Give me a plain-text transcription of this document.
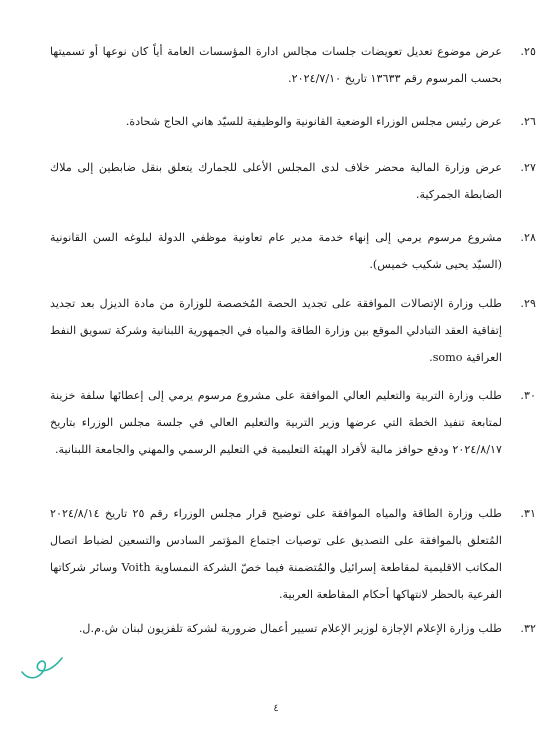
٢٥.
عرض موضوع تعديل تعويضات جلسات مجالس ادارة المؤسسات العامة أياً كان نوعها أو تسميتها بحسب المرسوم رقم ١٣٦٣٣ تاريخ ٢٠٢٤/٧/١٠.
٢٦.
عرض رئيس مجلس الوزراء الوضعية القانونية والوظيفية للسيّد هاني الحاج شحادة.
٢٧.
عرض وزارة المالية محضر خلاف لدى المجلس الأعلى للجمارك يتعلق بنقل ضابطين إلى ملاك الضابطة الجمركية.
٢٨.
مشروع مرسوم يرمي إلى إنهاء خدمة مدير عام تعاونية موظفي الدولة لبلوغه السن القانونية (السيّد يحيى شكيب خميس).
٢٩.
طلب وزارة الإتصالات الموافقة على تجديد الحصة المُخصصة للوزارة من مادة الديزل بعد تجديد إتفاقية العقد التبادلي الموقع بين وزارة الطاقة والمياه في الجمهورية اللبنانية وشركة تسويق النفط العراقية somo.
٣٠.
طلب وزارة التربية والتعليم العالي الموافقة على مشروع مرسوم يرمي إلى إعطائها سلفة خزينة لمتابعة تنفيذ الخطة التي عرضها وزير التربية والتعليم العالي في جلسة مجلس الوزراء بتاريخ ٢٠٢٤/٨/١٧ ودفع حوافز مالية لأفراد الهيئة التعليمية في التعليم الرسمي والمهني والجامعة اللبنانية.
٣١.
طلب وزارة الطاقة والمياه الموافقة على توضيح قرار مجلس الوزراء رقم ٢٥ تاريخ ٢٠٢٤/٨/١٤ المُتعلق بالموافقة على التصديق على توصيات اجتماع المؤتمر السادس والتسعين لضباط اتصال المكاتب الاقليمية لمقاطعة إسرائيل والمُتضمنة فيما خصّ الشركة النمساوية Voith وسائر شركاتها الفرعية بالحظر لانتهاكها أحكام المقاطعة العربية.
٣٢.
طلب وزارة الإعلام الإجازة لوزير الإعلام تسيير أعمال ضرورية لشركة تلفزيون لبنان ش.م.ل.
٤
